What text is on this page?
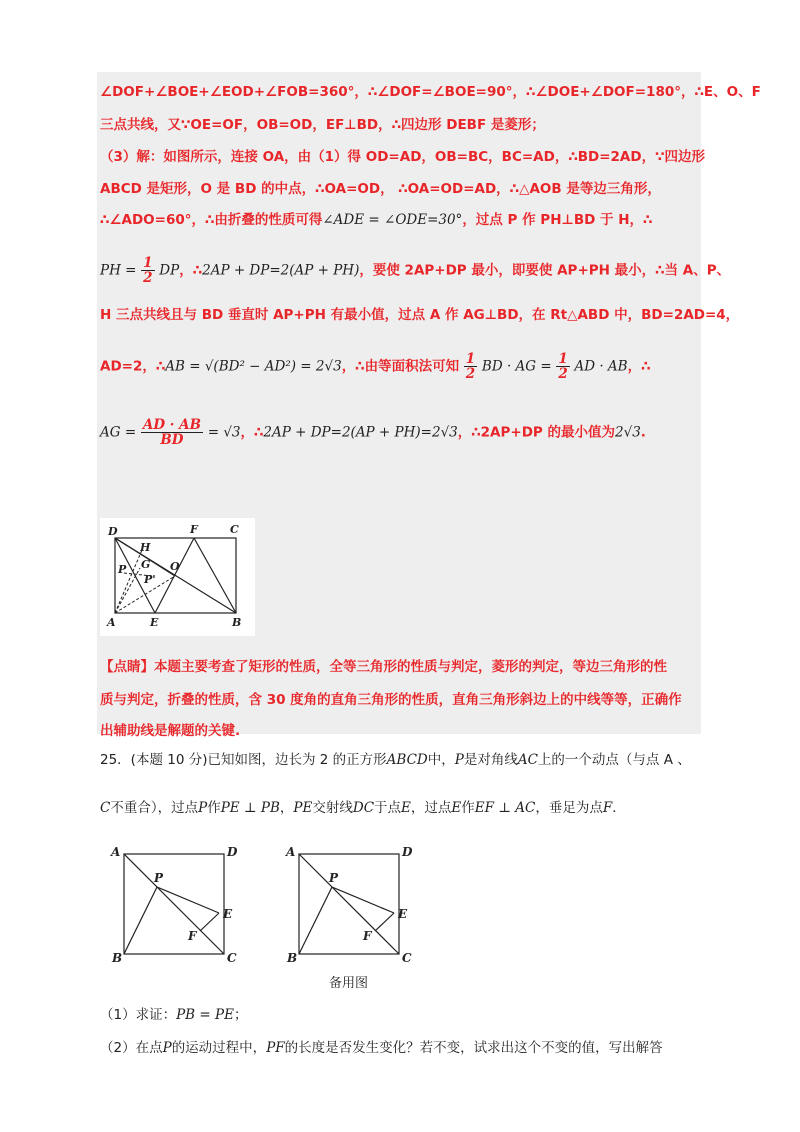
∠DOF+∠BOE+∠EOD+∠FOB=360°，∴∠DOF=∠BOE=90°，∴∠DOE+∠DOF=180°，∴E、O、F
三点共线，又∵OE=OF，OB=OD，EF⊥BD，∴四边形 DEBF 是菱形；
（3）解：如图所示，连接 OA，由（1）得 OD=AD，OB=BC，BC=AD，∴BD=2AD，∵四边形
ABCD 是矩形，O 是 BD 的中点，∴OA=OD， ∴OA=OD=AD，∴△AOB 是等边三角形，
∴∠ADO=60°，∴由折叠的性质可得∠ADE = ∠ODE=30°，过点 P 作 PH⊥BD 于 H，∴
PH = $\frac{1}{2}$ DP，∴2AP + DP=2(AP + PH)，要使 2AP+DP 最小，即要使 AP+PH 最小，∴当 A、P、
H 三点共线且与 BD 垂直时 AP+PH 有最小值，过点 A 作 AG⊥BD，在 Rt△ABD 中，BD=2AD=4，
AD=2，∴AB = √(BD² − AD²) = 2√3，∴由等面积法可知 $\frac{1}{2}$ BD · AG = $\frac{1}{2}$ AD · AB，∴
AG = $\frac{AD \cdot AB}{BD} = √3$，∴2AP + DP=2(AP + PH)=2√3，∴2AP+DP 的最小值为2√3.
D	F	C
H
G O
P
P'
A	E	B
【点睛】本题主要考查了矩形的性质，全等三角形的性质与判定，菱形的判定，等边三角形的性
质与判定，折叠的性质，含 30 度角的直角三角形的性质，直角三角形斜边上的中线等等，正确作
出辅助线是解题的关键.
25．(本题 10 分)已知如图，边长为 2 的正方形ABCD中，P是对角线AC上的一个动点（与点 A 、
C不重合），过点P作PE ⊥ PB，PE交射线DC于点E，过点E作EF ⊥ AC，垂足为点F．
A	D
P
E
F
B	C
A	D
P
E
F
B	C
备用图
（1）求证：PB = PE；
（2）在点P的运动过程中，PF的长度是否发生变化？若不变，试求出这个不变的值，写出解答
